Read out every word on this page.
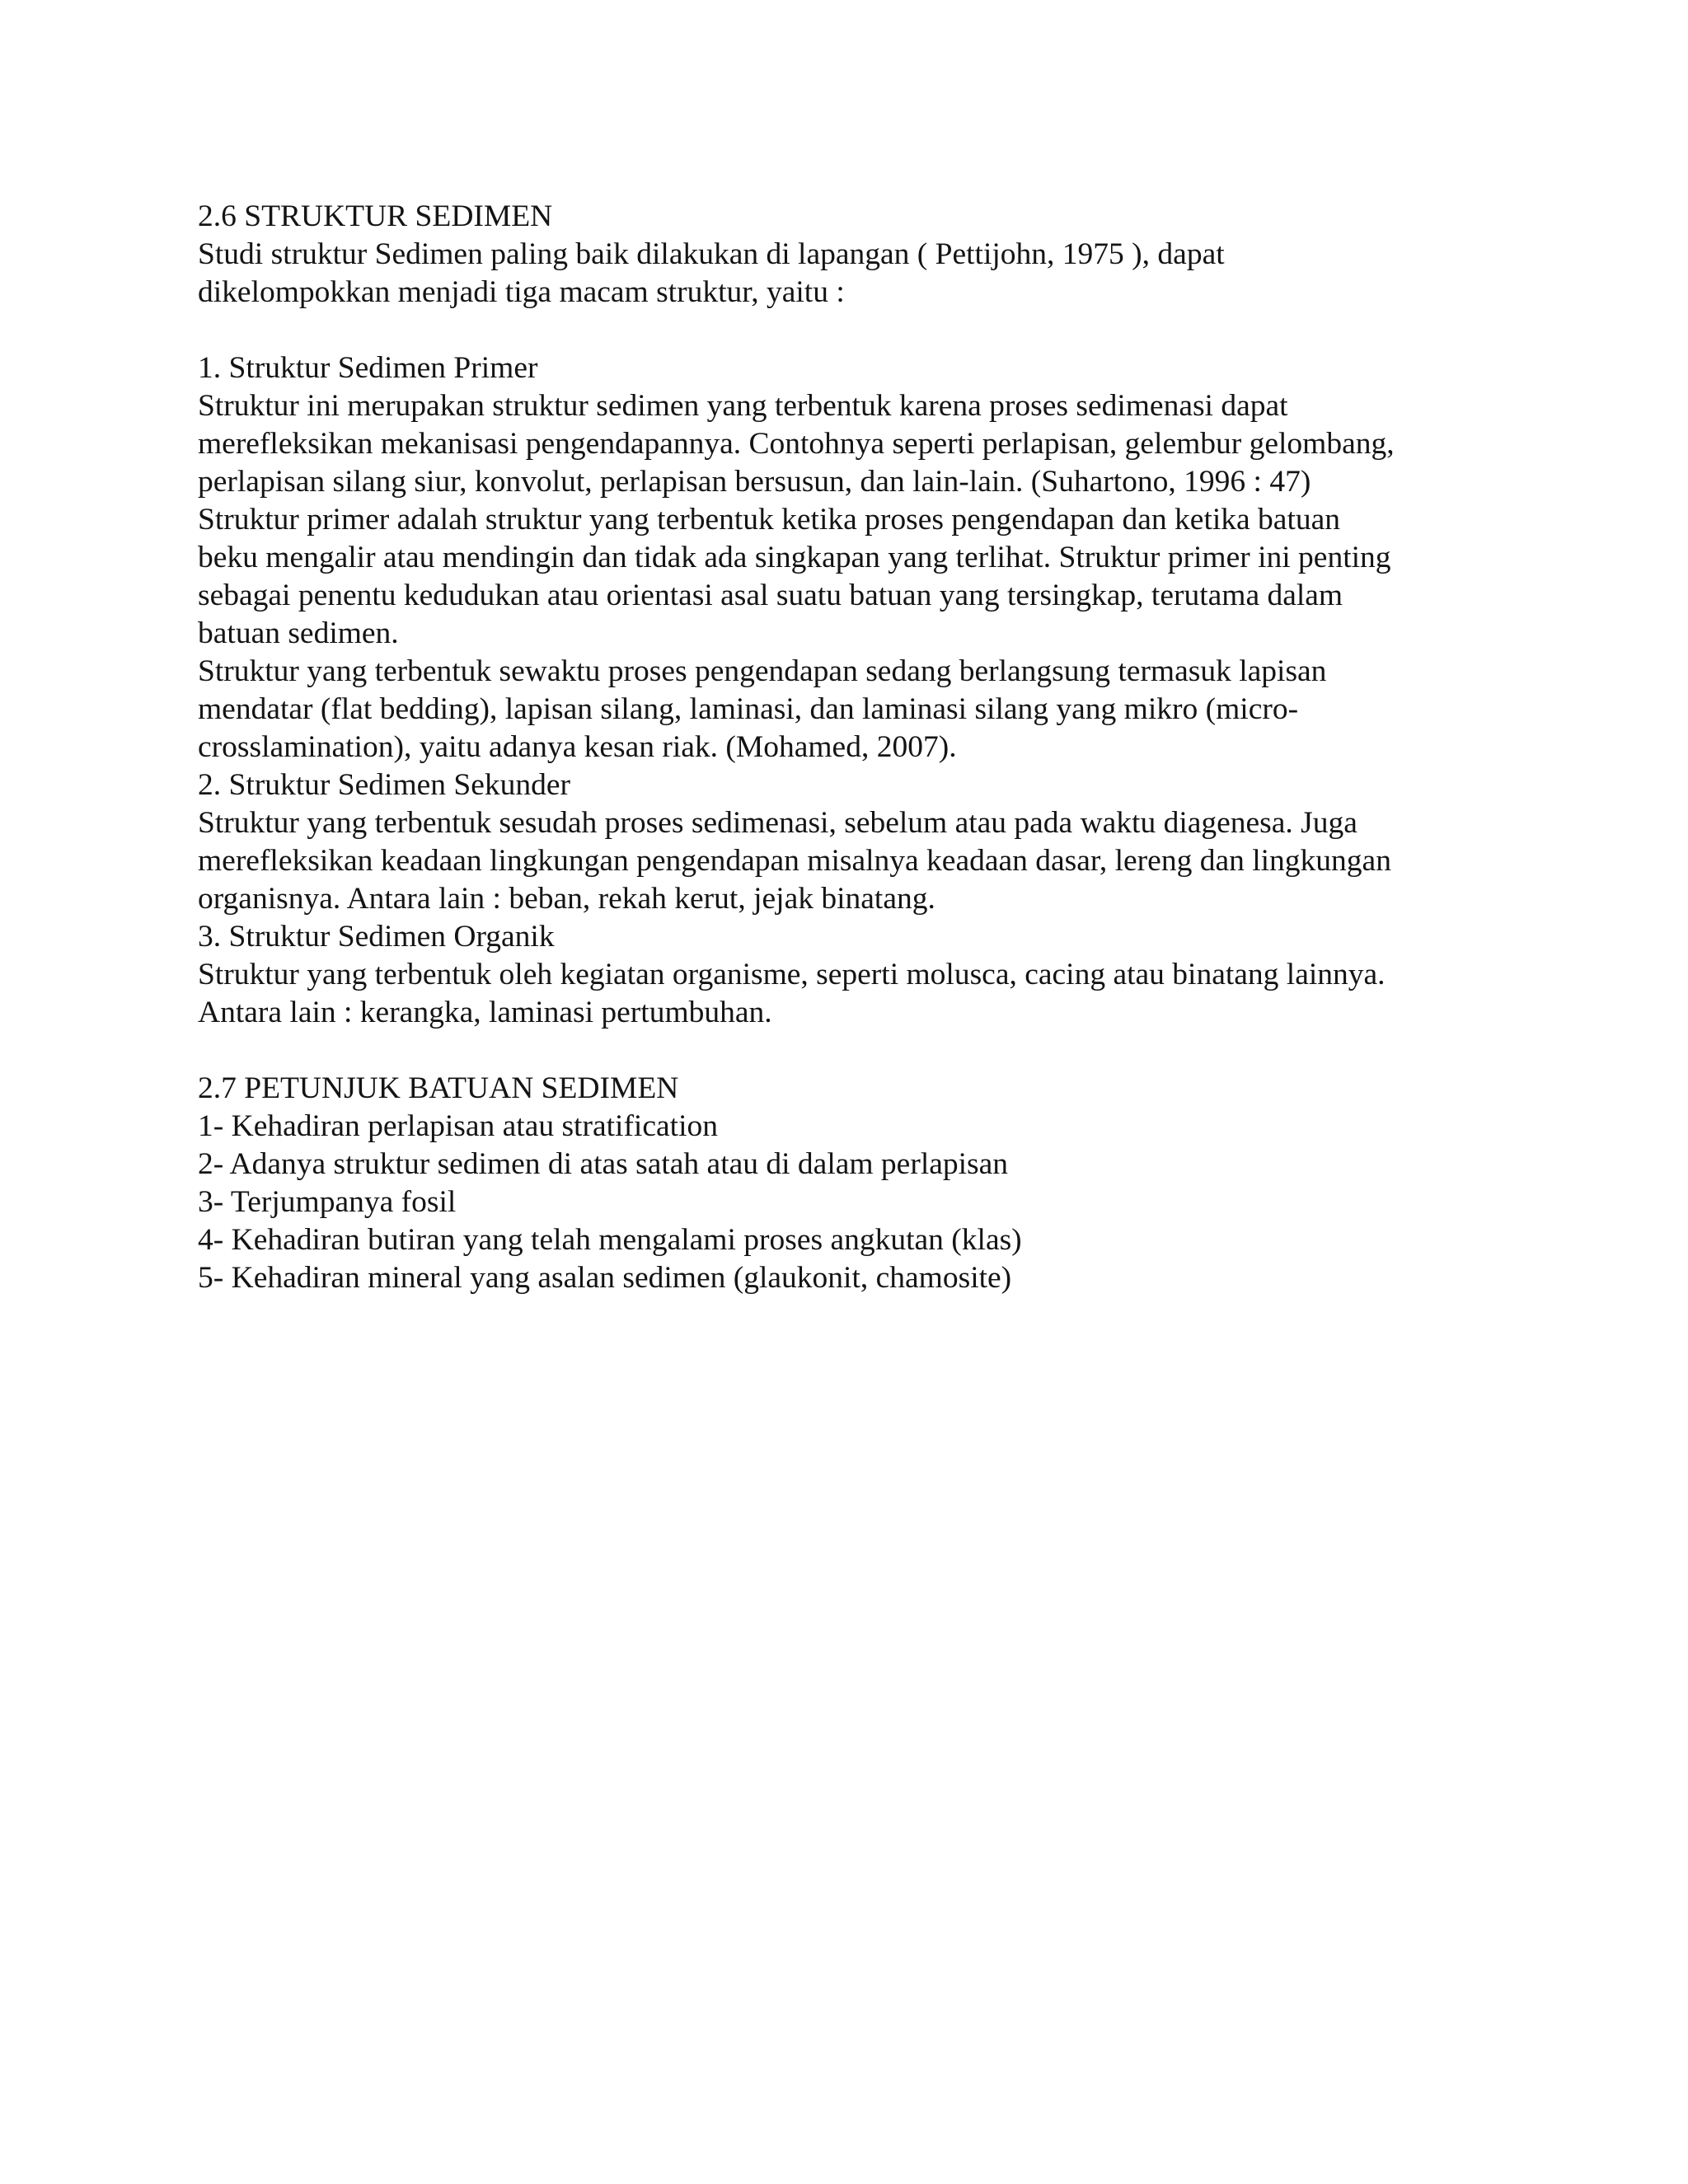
2.6 STRUKTUR SEDIMEN
Studi struktur Sedimen paling baik dilakukan di lapangan ( Pettijohn, 1975 ), dapat
dikelompokkan menjadi tiga macam struktur, yaitu :
1. Struktur Sedimen Primer
Struktur ini merupakan struktur sedimen yang terbentuk karena proses sedimenasi dapat
merefleksikan mekanisasi pengendapannya. Contohnya seperti perlapisan, gelembur gelombang,
perlapisan silang siur, konvolut, perlapisan bersusun, dan lain-lain. (Suhartono, 1996 : 47)
Struktur primer adalah struktur yang terbentuk ketika proses pengendapan dan ketika batuan
beku mengalir atau mendingin dan tidak ada singkapan yang terlihat. Struktur primer ini penting
sebagai penentu kedudukan atau orientasi asal suatu batuan yang tersingkap, terutama dalam
batuan sedimen.
Struktur yang terbentuk sewaktu proses pengendapan sedang berlangsung termasuk lapisan
mendatar (flat bedding), lapisan silang, laminasi, dan laminasi silang yang mikro (micro-
crosslamination), yaitu adanya kesan riak. (Mohamed, 2007).
2. Struktur Sedimen Sekunder
Struktur yang terbentuk sesudah proses sedimenasi, sebelum atau pada waktu diagenesa. Juga
merefleksikan keadaan lingkungan pengendapan misalnya keadaan dasar, lereng dan lingkungan
organisnya. Antara lain : beban, rekah kerut, jejak binatang.
3. Struktur Sedimen Organik
Struktur yang terbentuk oleh kegiatan organisme, seperti molusca, cacing atau binatang lainnya.
Antara lain : kerangka, laminasi pertumbuhan.
2.7 PETUNJUK BATUAN SEDIMEN
1- Kehadiran perlapisan atau stratification
2- Adanya struktur sedimen di atas satah atau di dalam perlapisan
3- Terjumpanya fosil
4- Kehadiran butiran yang telah mengalami proses angkutan (klas)
5- Kehadiran mineral yang asalan sedimen (glaukonit, chamosite)
